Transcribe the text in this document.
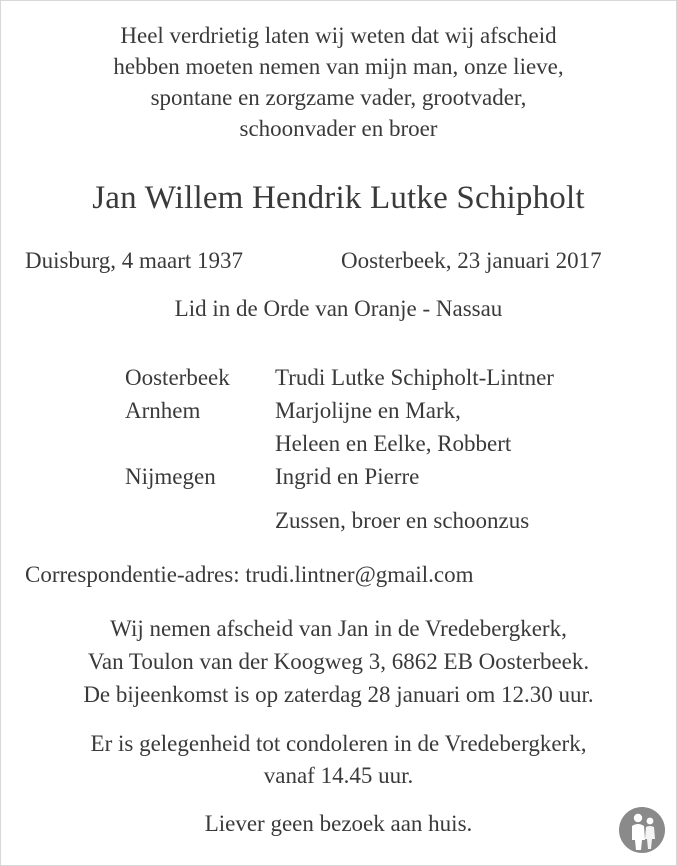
Heel verdrietig laten wij weten dat wij afscheid
hebben moeten nemen van mijn man, onze lieve,
spontane en zorgzame vader, grootvader,
schoonvader en broer
Jan Willem Hendrik Lutke Schipholt
Duisburg, 4 maart 1937	Oosterbeek, 23 januari 2017
Lid in de Orde van Oranje - Nassau
Oosterbeek	Trudi Lutke Schipholt-Lintner
Arnhem	Marjolijne en Mark,
Heleen en Eelke, Robbert
Nijmegen	Ingrid en Pierre
Zussen, broer en schoonzus
Correspondentie-adres: trudi.lintner@gmail.com
Wij nemen afscheid van Jan in de Vredebergkerk,
Van Toulon van der Koogweg 3, 6862 EB Oosterbeek.
De bijeenkomst is op zaterdag 28 januari om 12.30 uur.
Er is gelegenheid tot condoleren in de Vredebergkerk,
vanaf 14.45 uur.
Liever geen bezoek aan huis.
